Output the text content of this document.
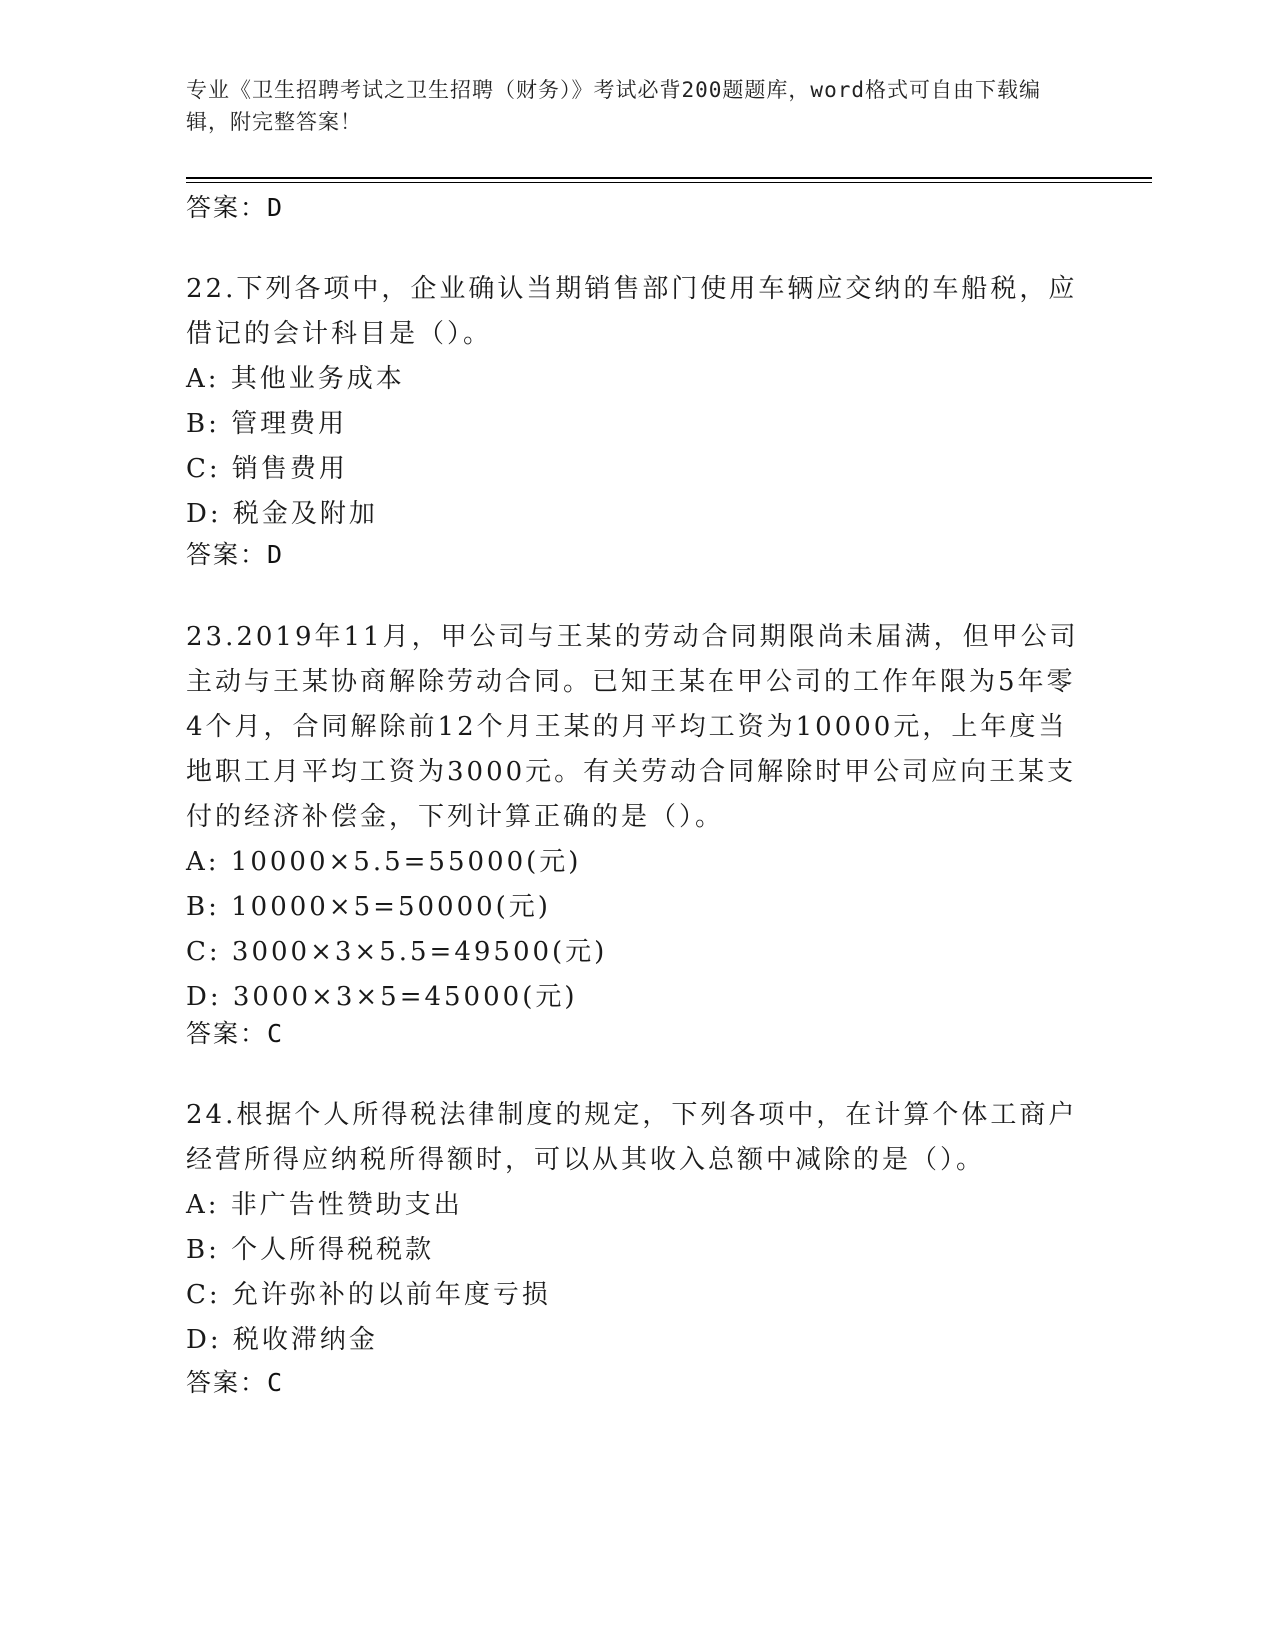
专业《卫生招聘考试之卫生招聘（财务）》考试必背200题题库，word格式可自由下载编辑，附完整答案！
答案：D
22.下列各项中，企业确认当期销售部门使用车辆应交纳的车船税，应借记的会计科目是（）。
A: 其他业务成本
B: 管理费用
C: 销售费用
D: 税金及附加
答案：D
23.2019年11月，甲公司与王某的劳动合同期限尚未届满，但甲公司主动与王某协商解除劳动合同。已知王某在甲公司的工作年限为5年零4个月，合同解除前12个月王某的月平均工资为10000元，上年度当地职工月平均工资为3000元。有关劳动合同解除时甲公司应向王某支付的经济补偿金，下列计算正确的是（）。
A: 10000×5.5=55000(元)
B: 10000×5=50000(元)
C: 3000×3×5.5=49500(元)
D: 3000×3×5=45000(元)
答案：C
24.根据个人所得税法律制度的规定，下列各项中，在计算个体工商户经营所得应纳税所得额时，可以从其收入总额中减除的是（）。
A: 非广告性赞助支出
B: 个人所得税税款
C: 允许弥补的以前年度亏损
D: 税收滞纳金
答案：C
